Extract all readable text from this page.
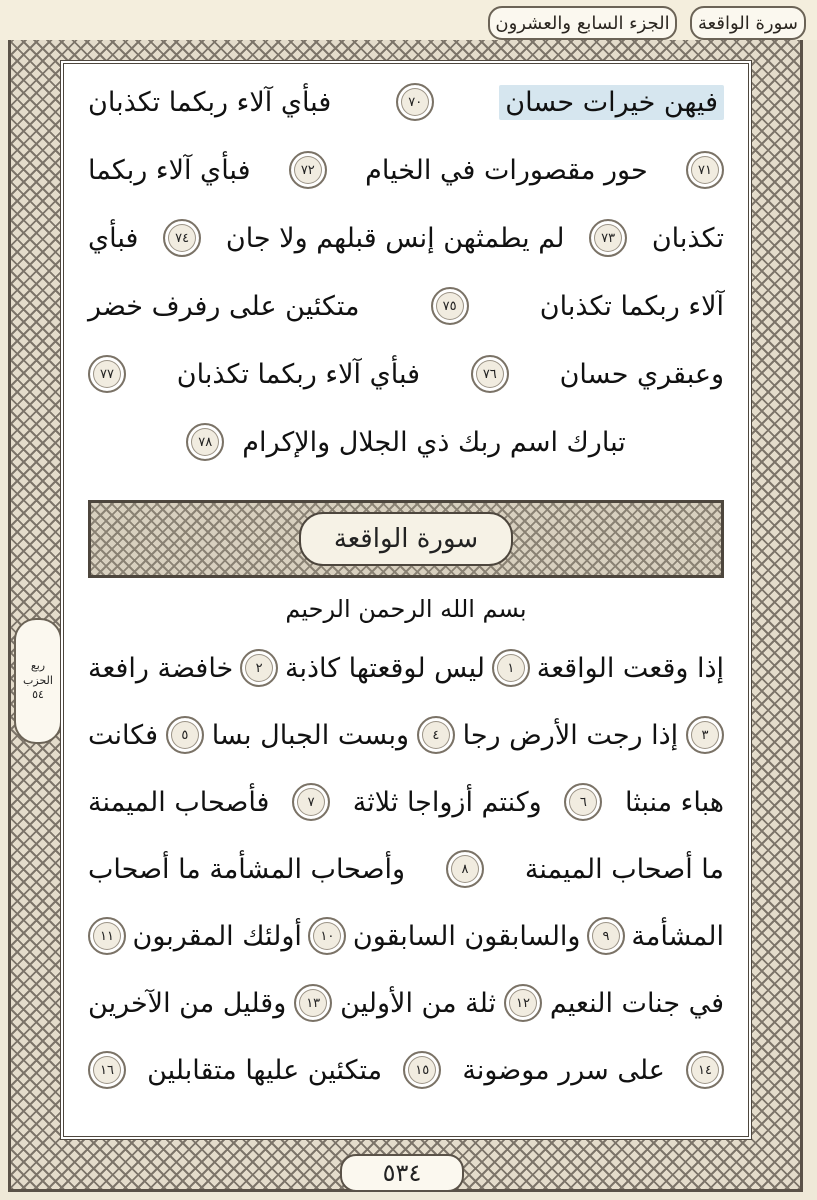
الجزء السابع والعشرون	سورة الواقعة
ربع
الحزب
٥٤
فيهن خيرات حسان
٧٠
فبأي آلاء ربكما تكذبان
٧١
حور مقصورات في الخيام
٧٢
فبأي آلاء ربكما
تكذبان
٧٣
لم يطمثهن إنس قبلهم ولا جان
٧٤
فبأي
آلاء ربكما تكذبان
٧٥
متكئين على رفرف خضر
وعبقري حسان
٧٦
فبأي آلاء ربكما تكذبان
٧٧
تبارك اسم ربك ذي الجلال والإكرام
٧٨
سورة الواقعة
بسم الله الرحمن الرحيم
إذا وقعت الواقعة
١
ليس لوقعتها كاذبة
٢
خافضة رافعة
٣
إذا رجت الأرض رجا
٤
وبست الجبال بسا
٥
فكانت
هباء منبثا
٦
وكنتم أزواجا ثلاثة
٧
فأصحاب الميمنة
ما أصحاب الميمنة
٨
وأصحاب المشأمة ما أصحاب
المشأمة
٩
والسابقون السابقون
١٠
أولئك المقربون
١١
في جنات النعيم
١٢
ثلة من الأولين
١٣
وقليل من الآخرين
١٤
على سرر موضونة
١٥
متكئين عليها متقابلين
١٦
٥٣٤
